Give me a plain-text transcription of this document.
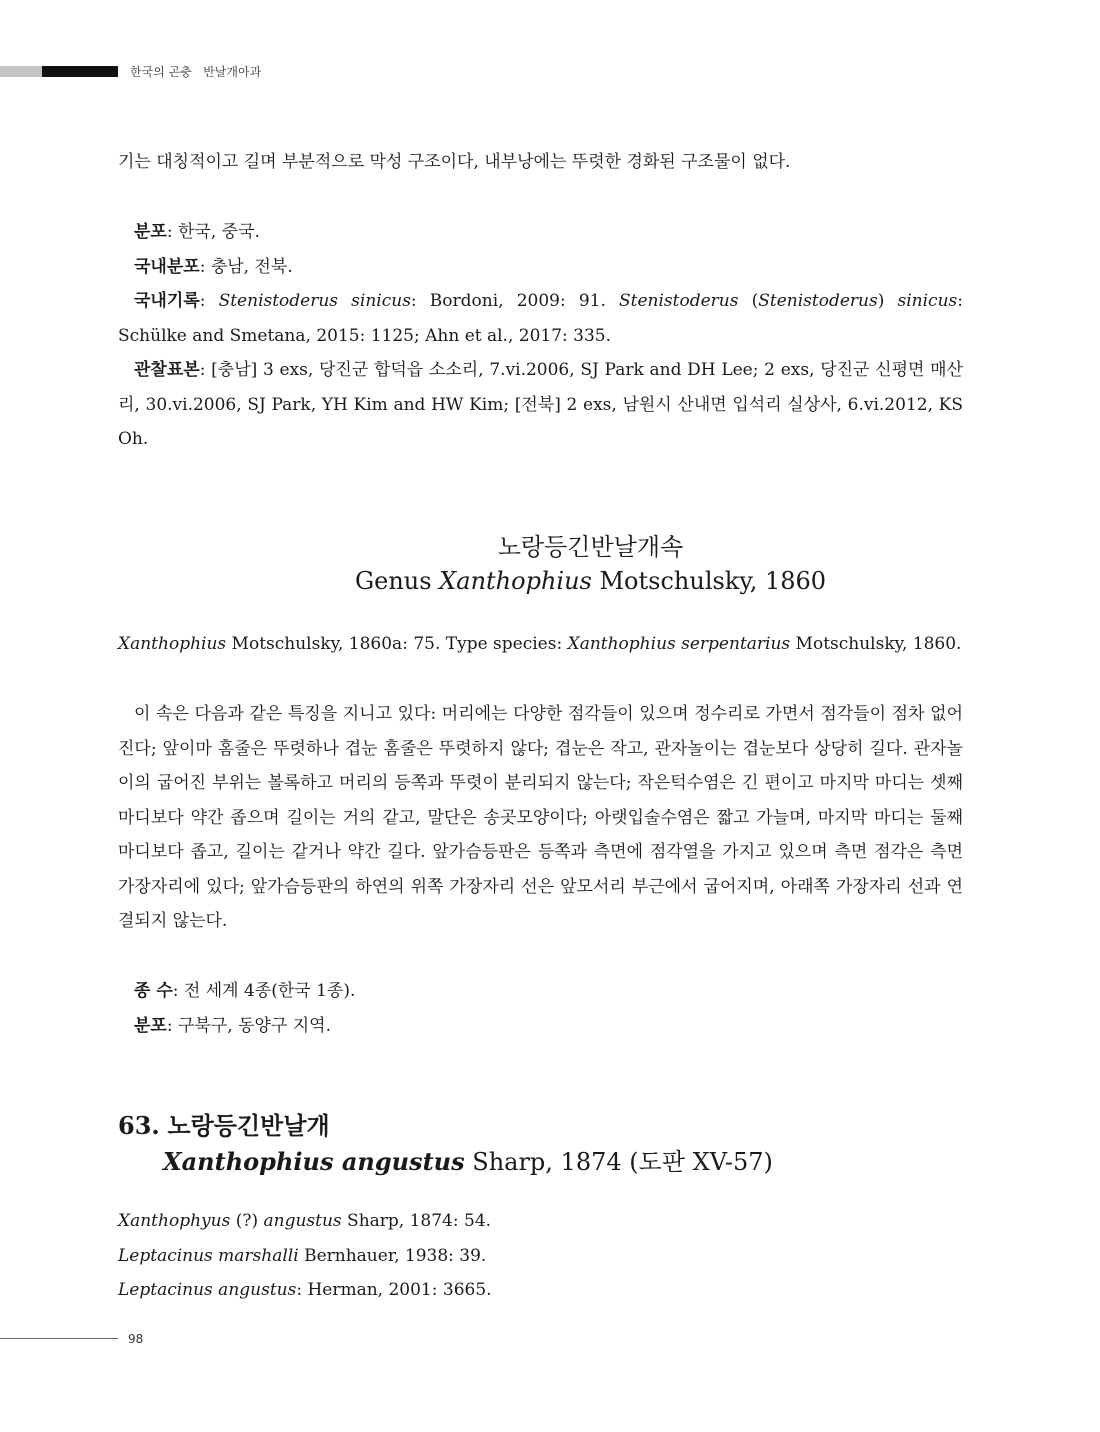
한국의 곤충   반날개아과

기는 대칭적이고 길며 부분적으로 막성 구조이다, 내부낭에는 뚜렷한 경화된 구조물이 없다.

분포: 한국, 중국.

국내분포: 충남, 전북.

국내기록: Stenistoderus sinicus: Bordoni, 2009: 91. Stenistoderus (Stenistoderus) sinicus: Schülke and Smetana, 2015: 1125; Ahn et al., 2017: 335.

관찰표본: [충남] 3 exs, 당진군 합덕읍 소소리, 7.vi.2006, SJ Park and DH Lee; 2 exs, 당진군 신평면 매산리, 30.vi.2006, SJ Park, YH Kim and HW Kim; [전북] 2 exs, 남원시 산내면 입석리 실상사, 6.vi.2012, KS Oh.

노랑등긴반날개속
Genus Xanthophius Motschulsky, 1860

Xanthophius Motschulsky, 1860a: 75. Type species: Xanthophius serpentarius Motschulsky, 1860.

이 속은 다음과 같은 특징을 지니고 있다: 머리에는 다양한 점각들이 있으며 정수리로 가면서 점각들이 점차 없어진다; 앞이마 홈줄은 뚜렷하나 겹눈 홈줄은 뚜렷하지 않다; 겹눈은 작고, 관자놀이는 겹눈보다 상당히 길다. 관자놀이의 굽어진 부위는 볼록하고 머리의 등쪽과 뚜렷이 분리되지 않는다; 작은턱수염은 긴 편이고 마지막 마디는 셋째 마디보다 약간 좁으며 길이는 거의 같고, 말단은 송곳모양이다; 아랫입술수염은 짧고 가늘며, 마지막 마디는 둘째 마디보다 좁고, 길이는 같거나 약간 길다. 앞가슴등판은 등쪽과 측면에 점각열을 가지고 있으며 측면 점각은 측면 가장자리에 있다; 앞가슴등판의 하연의 위쪽 가장자리 선은 앞모서리 부근에서 굽어지며, 아래쪽 가장자리 선과 연결되지 않는다.

종 수: 전 세계 4종(한국 1종).

분포: 구북구, 동양구 지역.

63. 노랑등긴반날개
Xanthophius angustus Sharp, 1874 (도판 XV-57)

Xanthophyus (?) angustus Sharp, 1874: 54.

Leptacinus marshalli Bernhauer, 1938: 39.

Leptacinus angustus: Herman, 2001: 3665.

98
